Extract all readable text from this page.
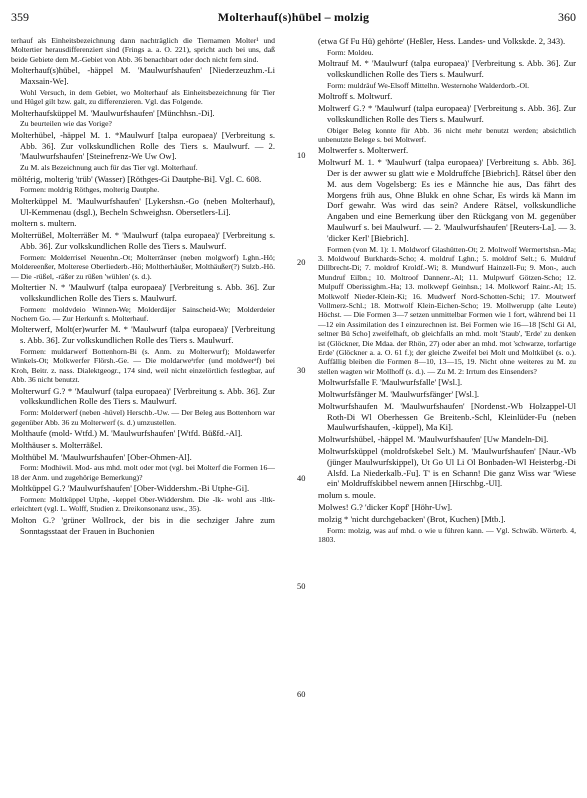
359	Molterhauf(s)hübel – molzig	360

terhauf als Einheitsbezeichnung dann nachträglich die Tiernamen Molter¹ und Moltertier herausdifferenziert sind (Frings a. a. O. 221), spricht auch bei uns, daß beide Gebiete dem M.-Gebiet von Abb. 36 benachbart oder doch nicht fern sind.

Molterhauf(s)hübel, -häppel M. 'Maulwurfshaufen' [Niederzeuzhm.-Li Maxsain-We].

Wohl Versuch, in dem Gebiet, wo Molterhauf als Einheitsbezeichnung für Tier und Hügel gilt bzw. galt, zu differenzieren. Vgl. das Folgende.

Molterhaufsküppel M. 'Maulwurfshaufen' [Münchhsn.-Di].

Zu beurteilen wie das Vorige?

Molterhübel, -häppel M. 1. *Maulwurf [talpa europaea)' [Verbreitung s. Abb. 36]. Zur volkskundlichen Rolle des Tiers s. Maulwurf. — 2. 'Maulwurfshaufen' [Steinefrenz-We Uw Ow].

Zu M. als Bezeichnung auch für das Tier vgl. Molterhauf.

möltérig, molterig 'trüb' (Wasser) [Röthges-Gi Dautphe-Bi]. Vgl. C. 608.

Formen: moldrig Röthges, molterig Dautphe.

Molterküppel M. 'Maulwurfshaufen' [Lykershsn.-Go (neben Molterhauf), Ul-Kemmenau (dsgl.), Becheln Schweighsn. Obersetlers-Li].

moltern s. multern.

Molterrüßel, Molterräßer M. * 'Maulwurf (talpa europaea)' [Verbreitung s. Abb. 36]. Zur volkskundlichen Rolle des Tiers s. Maulwurf.

Formen: Molderrisel Neuenhn.-Ot; Molterränser (neben molgworf) Lghn.-Hö; Moldereenßer, Molterese Oberliederb.-Hö; Moltherhäußer, Molthäußer(?) Sulzb.-Hö. — Die -rüßel, -räßer zu rüßen 'wühlen' (s. d.).

Moltertier N. * 'Maulwurf (talpa europaea)' [Verbreitung s. Abb. 36]. Zur volkskundlichen Rolle des Tiers s. Maulwurf.

Formen: moldvdeio Winnen-We; Molderdäjer Sainscheid-We; Molderdeier Nochern Go. — Zur Herkunft s. Molterhauf.

Molterwerf, Molt(er)wurfer M. * 'Maulwurf (talpa europaea)' [Verbreitung s. Abb. 36]. Zur volkskundlichen Rolle des Tiers s. Maulwurf.

Formen: muldarwerf Bottenhorn-Bi (s. Anm. zu Molterwurf); Moldawerfer Winkels-Ot; Molkwerfer Flörsh.-Ge. — Die moldarweᵊrfer (und moldwerᵊf) bei Kroh, Beitr. z. nass. Dialektgeogr., 174 sind, weil nicht einzelörtlich festlegbar, auf Abb. 36 nicht benutzt.

Molterwurf G.? * 'Maulwurf (talpa europaea)' [Verbreitung s. Abb. 36]. Zur volkskundlichen Rolle des Tiers s. Maulwurf.

Form: Molderwerf (neben -hüvel) Herschb.-Uw. — Der Beleg aus Bottenhorn war gegenüber Abb. 36 zu Molterwerf (s. d.) umzustellen.

Molthaufe (mold- Wtfd.) M. 'Maulwurfshaufen' [Wtfd. Büßfd.-Al].

Molthäuser s. Molterräßel.

Molthübel M. 'Maulwurfshaufen' [Ober-Ohmen-Al].

Form: Modhiwil. Mod- aus mhd. molt oder mot (vgl. bei Molterf die Formen 16—18 der Anm. und zugehörige Bemerkung)?

Moltküppel G.? 'Maulwurfshaufen' [Ober-Widdershm.-Bi Utphe-Gi].

Formen: Moltküppel Utphe, -keppel Ober-Widdershm. Die -lk- wohl aus -lltk- erleichtert (vgl. L. Wolff, Studien z. Dreikonsonanz usw., 35).

Molton G.? 'grüner Wollrock, der bis in die sechziger Jahre zum Sonntagsstaat der Frauen in Buchonien

10
20
30
40
50
60

(etwa Gf Fu Hü) gehörte' (Heßler, Hess. Landes- und Volkskde. 2, 343).

Form: Moldeu.

Moltrauf M. * 'Maulwurf (talpa europaea)' [Verbreitung s. Abb. 36]. Zur volkskundlichen Rolle des Tiers s. Maulwurf.

Form: muldräuf We-Elsoff Mittelhn. Westernohe Walderdorb.-Ol.

Moltroff s. Moltwurf.

Moltwerf G.? * 'Maulwurf (talpa europaea)' [Verbreitung s. Abb. 36]. Zur volkskundlichen Rolle des Tiers s. Maulwurf.

Obiger Beleg konnte für Abb. 36 nicht mehr benutzt werden; absichtlich unbenutzte Belege s. bei Moltwerf.

Moltwerfer s. Molterwerf.

Moltwurf M. 1. * 'Maulwurf (talpa europaea)' [Verbreitung s. Abb. 36]. Der is der awwer su glatt wie e Moldruffche [Biebrich]. Rätsel über den M. aus dem Vogelsberg: Es ies e Männche hie aus, Das fährt des Morgens früh aus, Ohne Blukk en ohne Schar, Es wirds kä Mann im Dorf gewahr. Was wird das sein? Andere Rätsel, volkskundliche Angaben und eine Bemerkung über den Rückgang von M. gegenüber Maulwurf s. bei Maulwurf. — 2. 'Maulwurfshaufen' [Reuters-La]. — 3. 'dicker Kerl' [Biebrich].

Formen (von M. 1): 1. Moldworf Glashütten-Ot; 2. Moltwolf Wermertshsn.-Ma; 3. Moldwouf Burkhards-Scho; 4. moldruf Lghn.; 5. moldrof Selt.; 6. Muldruf Dillbrecht-Di; 7. moldrof Kroldf.-Wi; 8. Mundwurf Hainzell-Fu; 9. Mon-, auch Mundruf Eilbn.; 10. Moltroof Dannenr.-Al; 11. Mulpwurf Götzen-Scho; 12. Mulpuff Oberissighm.-Ha; 13. molkwepf Geinhsn.; 14. Molkworf Rainr.-Al; 15. Molkwolf Nieder-Klein-Ki; 16. Mudwerf Nord-Schotten-Schi; 17. Moutwerf Vollmerz-Schl.; 18. Mottwolf Klein-Eichen-Scho; 19. Mollwerupp (alte Leute) Höchst. — Die Formen 3—7 setzen unmittelbar Formen wie 1 fort, während bei 11—12 ein Assimilation des I einzurechnen ist. Bei Formen wie 16—18 [Schl Gi Al, seltner Bü Scho] zweifelhaft, ob gleichfalls an mhd. molt 'Staub', 'Erde' zu denken ist (Glöckner, Die Mdaa. der Rhön, 27) oder aber an mhd. mot 'schwarze, torfartige Erde' (Glöckner a. a. O. 61 f.); der gleiche Zweifel bei Molt und Moltkübel (s. o.). Auffällig bleiben die Formen 8—10, 13—15, 19. Nicht ohne weiteres zu M. zu stellen wagten wir Mollhoff (s. d.). — Zu M. 2: Irrtum des Einsenders?

Moltwurfsfalle F. 'Maulwurfsfalle' [Wsl.].

Moltwurfsfänger M. 'Maulwurfsfänger' [Wsl.].

Moltwurfshaufen M. 'Maulwurfshaufen' [Nordenst.-Wb Holzappel-Ul Roth-Di Wl Oberhessen Ge Breitenb.-Schl, Kleinlüder-Fu (neben Maulwurfshaufen, -küppel), Ma Ki].

Moltwurfshübel, -häppel M. 'Maulwurfshaufen' [Uw Mandeln-Di].

Moltwurfsküppel (moldrofskebel Selt.) M. 'Maulwurfshaufen' [Naur.-Wb (jünger Maulwurfskippel), Ut Go Ul Li Ol Bonbaden-Wl Heisterbg.-Di Alsfd. La Niederkalb.-Fu]. T' is en Schann! Die ganz Wiss war 'Wiese ein' Moldruffskibbel newem annen [Hirschbg.-Ul].

molum s. moule.

Molwes! G.? 'dicker Kopf' [Höhr-Uw].

molzig * 'nicht durchgebacken' (Brot, Kuchen) [Mtb.].

Form: molzig, was auf mhd. o wie u führen kann. — Vgl. Schwäb. Wörterb. 4, 1803.
